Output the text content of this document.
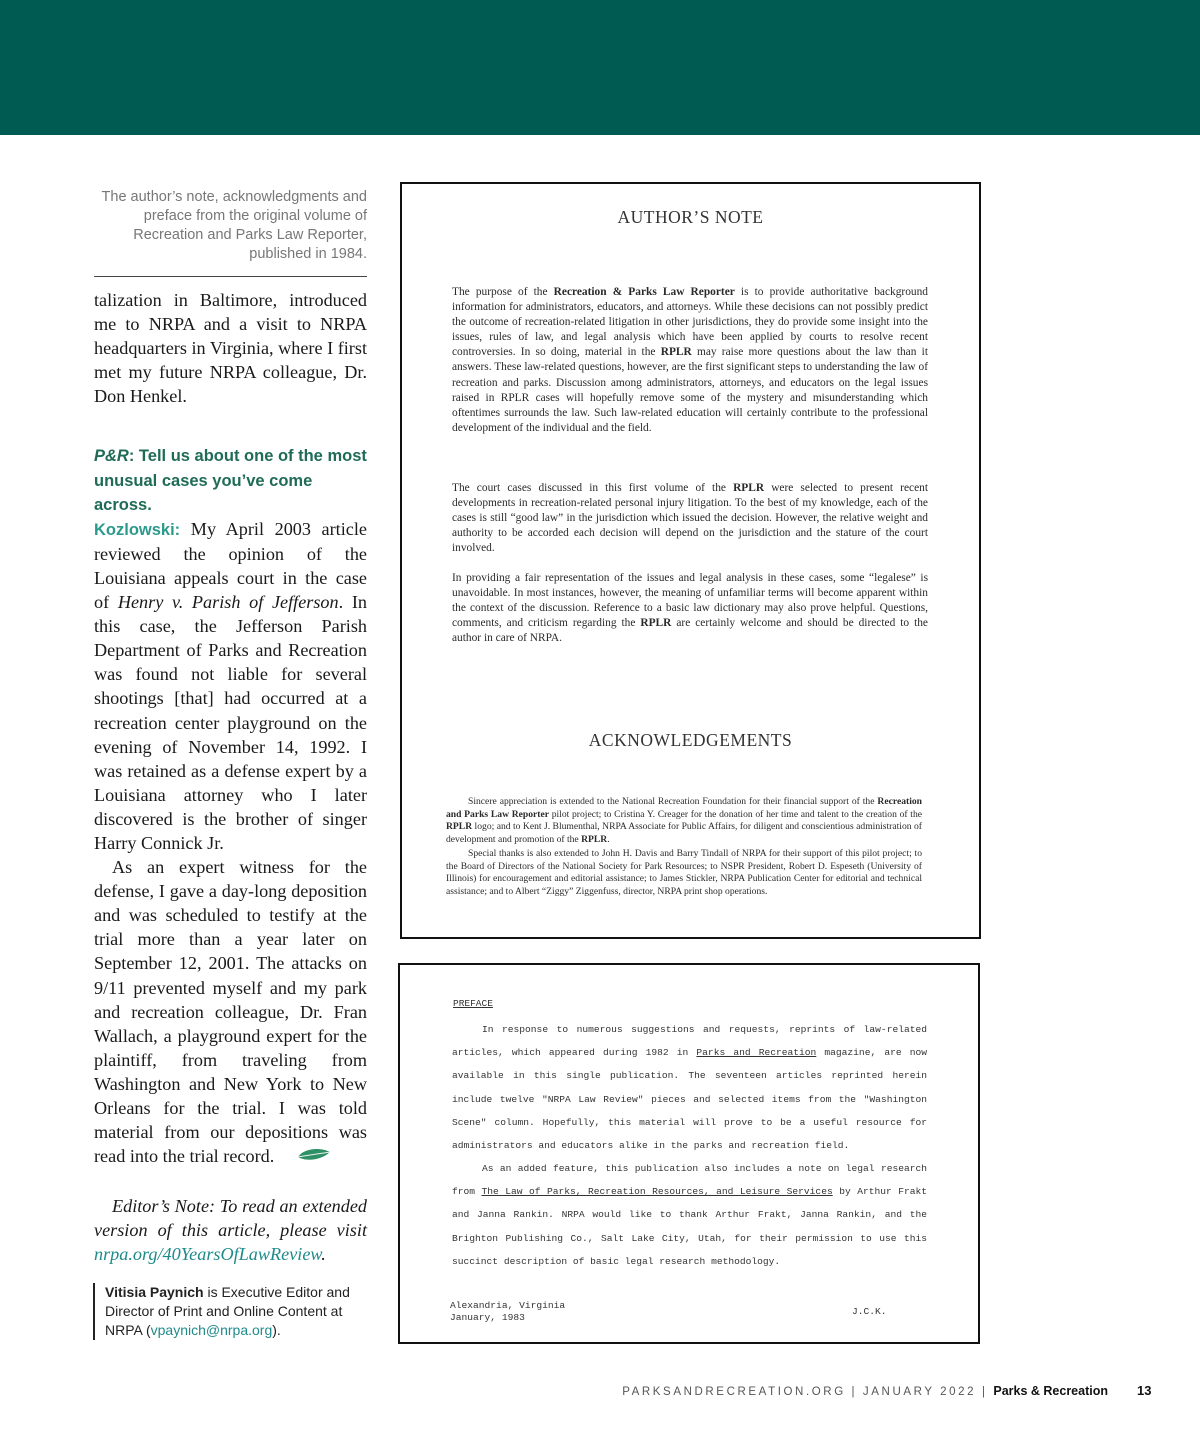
The author’s note, acknowledgments and preface from the original volume of Recreation and Parks Law Reporter, published in 1984.

talization in Baltimore, introduced me to NRPA and a visit to NRPA headquarters in Virginia, where I first met my future NRPA colleague, Dr. Don Henkel.

P&R: Tell us about one of the most unusual cases you’ve come across.

Kozlowski: My April 2003 article reviewed the opinion of the Louisiana appeals court in the case of Henry v. Parish of Jefferson. In this case, the Jefferson Parish Department of Parks and Recreation was found not liable for several shootings [that] had occurred at a recreation center playground on the evening of November 14, 1992. I was retained as a defense expert by a Louisiana attorney who I later discovered is the brother of singer Harry Connick Jr.

As an expert witness for the defense, I gave a day-long deposition and was scheduled to testify at the trial more than a year later on September 12, 2001. The attacks on 9/11 prevented myself and my park and recreation colleague, Dr. Fran Wallach, a playground expert for the plaintiff, from traveling from Washington and New York to New Orleans for the trial. I was told material from our depositions was read into the trial record.

Editor’s Note: To read an extended version of this article, please visit nrpa.org/40YearsOfLawReview.

Vitisia Paynich is Executive Editor and Director of Print and Online Content at NRPA (vpaynich@nrpa.org).
AUTHOR’S NOTE

The purpose of the Recreation & Parks Law Reporter is to provide authoritative background information for administrators, educators, and attorneys. While these decisions can not possibly predict the outcome of recreation-related litigation in other jurisdictions, they do provide some insight into the issues, rules of law, and legal analysis which have been applied by courts to resolve recent controversies. In so doing, material in the RPLR may raise more questions about the law than it answers. These law-related questions, however, are the first significant steps to understanding the law of recreation and parks. Discussion among administrators, attorneys, and educators on the legal issues raised in RPLR cases will hopefully remove some of the mystery and misunderstanding which oftentimes surrounds the law. Such law-related education will certainly contribute to the professional development of the individual and the field.

The court cases discussed in this first volume of the RPLR were selected to present recent developments in recreation-related personal injury litigation. To the best of my knowledge, each of the cases is still “good law” in the jurisdiction which issued the decision. However, the relative weight and authority to be accorded each decision will depend on the jurisdiction and the stature of the court involved.

In providing a fair representation of the issues and legal analysis in these cases, some “legalese” is unavoidable. In most instances, however, the meaning of unfamiliar terms will become apparent within the context of the discussion. Reference to a basic law dictionary may also prove helpful. Questions, comments, and criticism regarding the RPLR are certainly welcome and should be directed to the author in care of NRPA.

ACKNOWLEDGEMENTS

Sincere appreciation is extended to the National Recreation Foundation for their financial support of the Recreation and Parks Law Reporter pilot project; to Cristina Y. Creager for the donation of her time and talent to the creation of the RPLR logo; and to Kent J. Blumenthal, NRPA Associate for Public Affairs, for diligent and conscientious administration of development and promotion of the RPLR.

Special thanks is also extended to John H. Davis and Barry Tindall of NRPA for their support of this pilot project; to the Board of Directors of the National Society for Park Resources; to NSPR President, Robert D. Espeseth (University of Illinois) for encouragement and editorial assistance; to James Stickler, NRPA Publication Center for editorial and technical assistance; and to Albert “Ziggy” Ziggenfuss, director, NRPA print shop operations.

PREFACE

In response to numerous suggestions and requests, reprints of law-related articles, which appeared during 1982 in Parks and Recreation magazine, are now available in this single publication. The seventeen articles reprinted herein include twelve "NRPA Law Review" pieces and selected items from the "Washington Scene" column. Hopefully, this material will prove to be a useful resource for administrators and educators alike in the parks and recreation field.

As an added feature, this publication also includes a note on legal research from The Law of Parks, Recreation Resources, and Leisure Services by Arthur Frakt and Janna Rankin. NRPA would like to thank Arthur Frakt, Janna Rankin, and the Brighton Publishing Co., Salt Lake City, Utah, for their permission to use this succinct description of basic legal research methodology.

Alexandria, Virginia
January, 1983
J.C.K.
PARKSANDRECREATION.ORG | JANUARY 2022 | Parks & Recreation 13
